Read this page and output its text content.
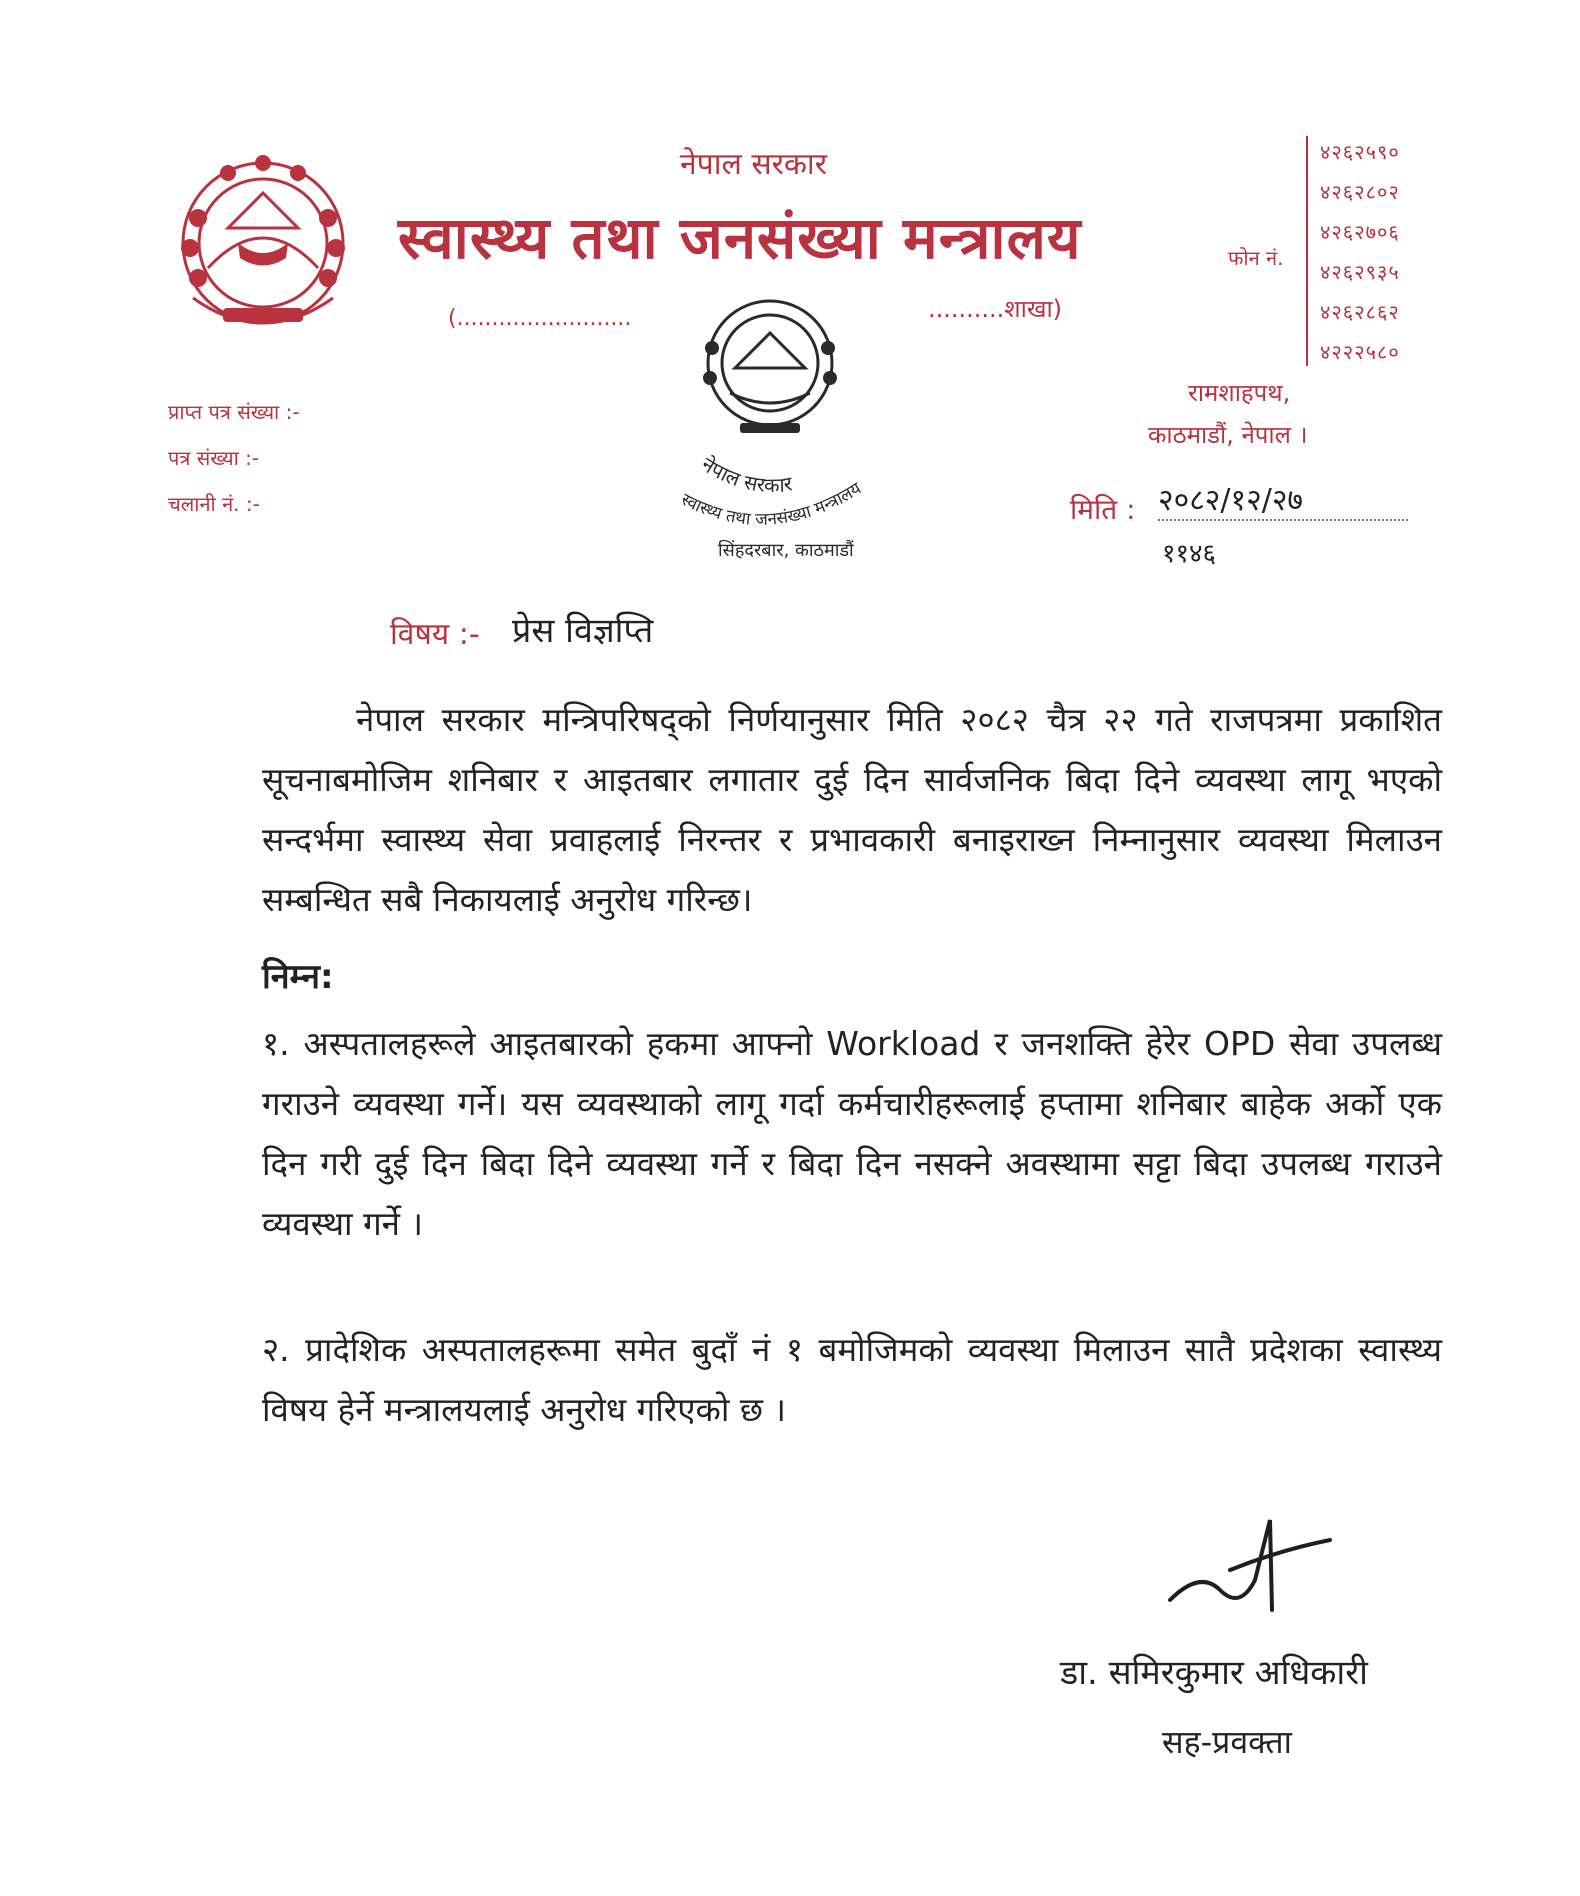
नेपाल सरकार
स्वास्थ्य तथा जनसंख्या मन्त्रालय
(.........................	..........शाखा)
फोन नं.
४२६२५९०
४२६२८०२
४२६२७०६
४२६२९३५
४२६२८६२
४२२२५८०
रामशाहपथ,
काठमाडौं, नेपाल ।
प्राप्त पत्र संख्या :-
पत्र संख्या :-
चलानी नं. :-
नेपाल सरकार
स्वास्थ्य तथा जनसंख्या मन्त्रालय
सिंहदरबार, काठमाडौं
मिति : २०८२/१२/२७
११४६
विषय :- प्रेस विज्ञप्ति
नेपाल सरकार मन्त्रिपरिषद्को निर्णयानुसार मिति २०८२ चैत्र २२ गते राजपत्रमा प्रकाशित सूचनाबमोजिम शनिबार र आइतबार लगातार दुई दिन सार्वजनिक बिदा दिने व्यवस्था लागू भएको सन्दर्भमा स्वास्थ्य सेवा प्रवाहलाई निरन्तर र प्रभावकारी बनाइराख्न निम्नानुसार व्यवस्था मिलाउन सम्बन्धित सबै निकायलाई अनुरोध गरिन्छ।
निम्न:
१. अस्पतालहरूले आइतबारको हकमा आफ्नो Workload र जनशक्ति हेरेर OPD सेवा उपलब्ध गराउने व्यवस्था गर्ने। यस व्यवस्थाको लागू गर्दा कर्मचारीहरूलाई हप्तामा शनिबार बाहेक अर्को एक दिन गरी दुई दिन बिदा दिने व्यवस्था गर्ने र बिदा दिन नसक्ने अवस्थामा सट्टा बिदा उपलब्ध गराउने व्यवस्था गर्ने ।
२. प्रादेशिक अस्पतालहरूमा समेत बुदाँ नं १ बमोजिमको व्यवस्था मिलाउन सातै प्रदेशका स्वास्थ्य विषय हेर्ने मन्त्रालयलाई अनुरोध गरिएको छ ।
डा. समिरकुमार अधिकारी
सह-प्रवक्ता
